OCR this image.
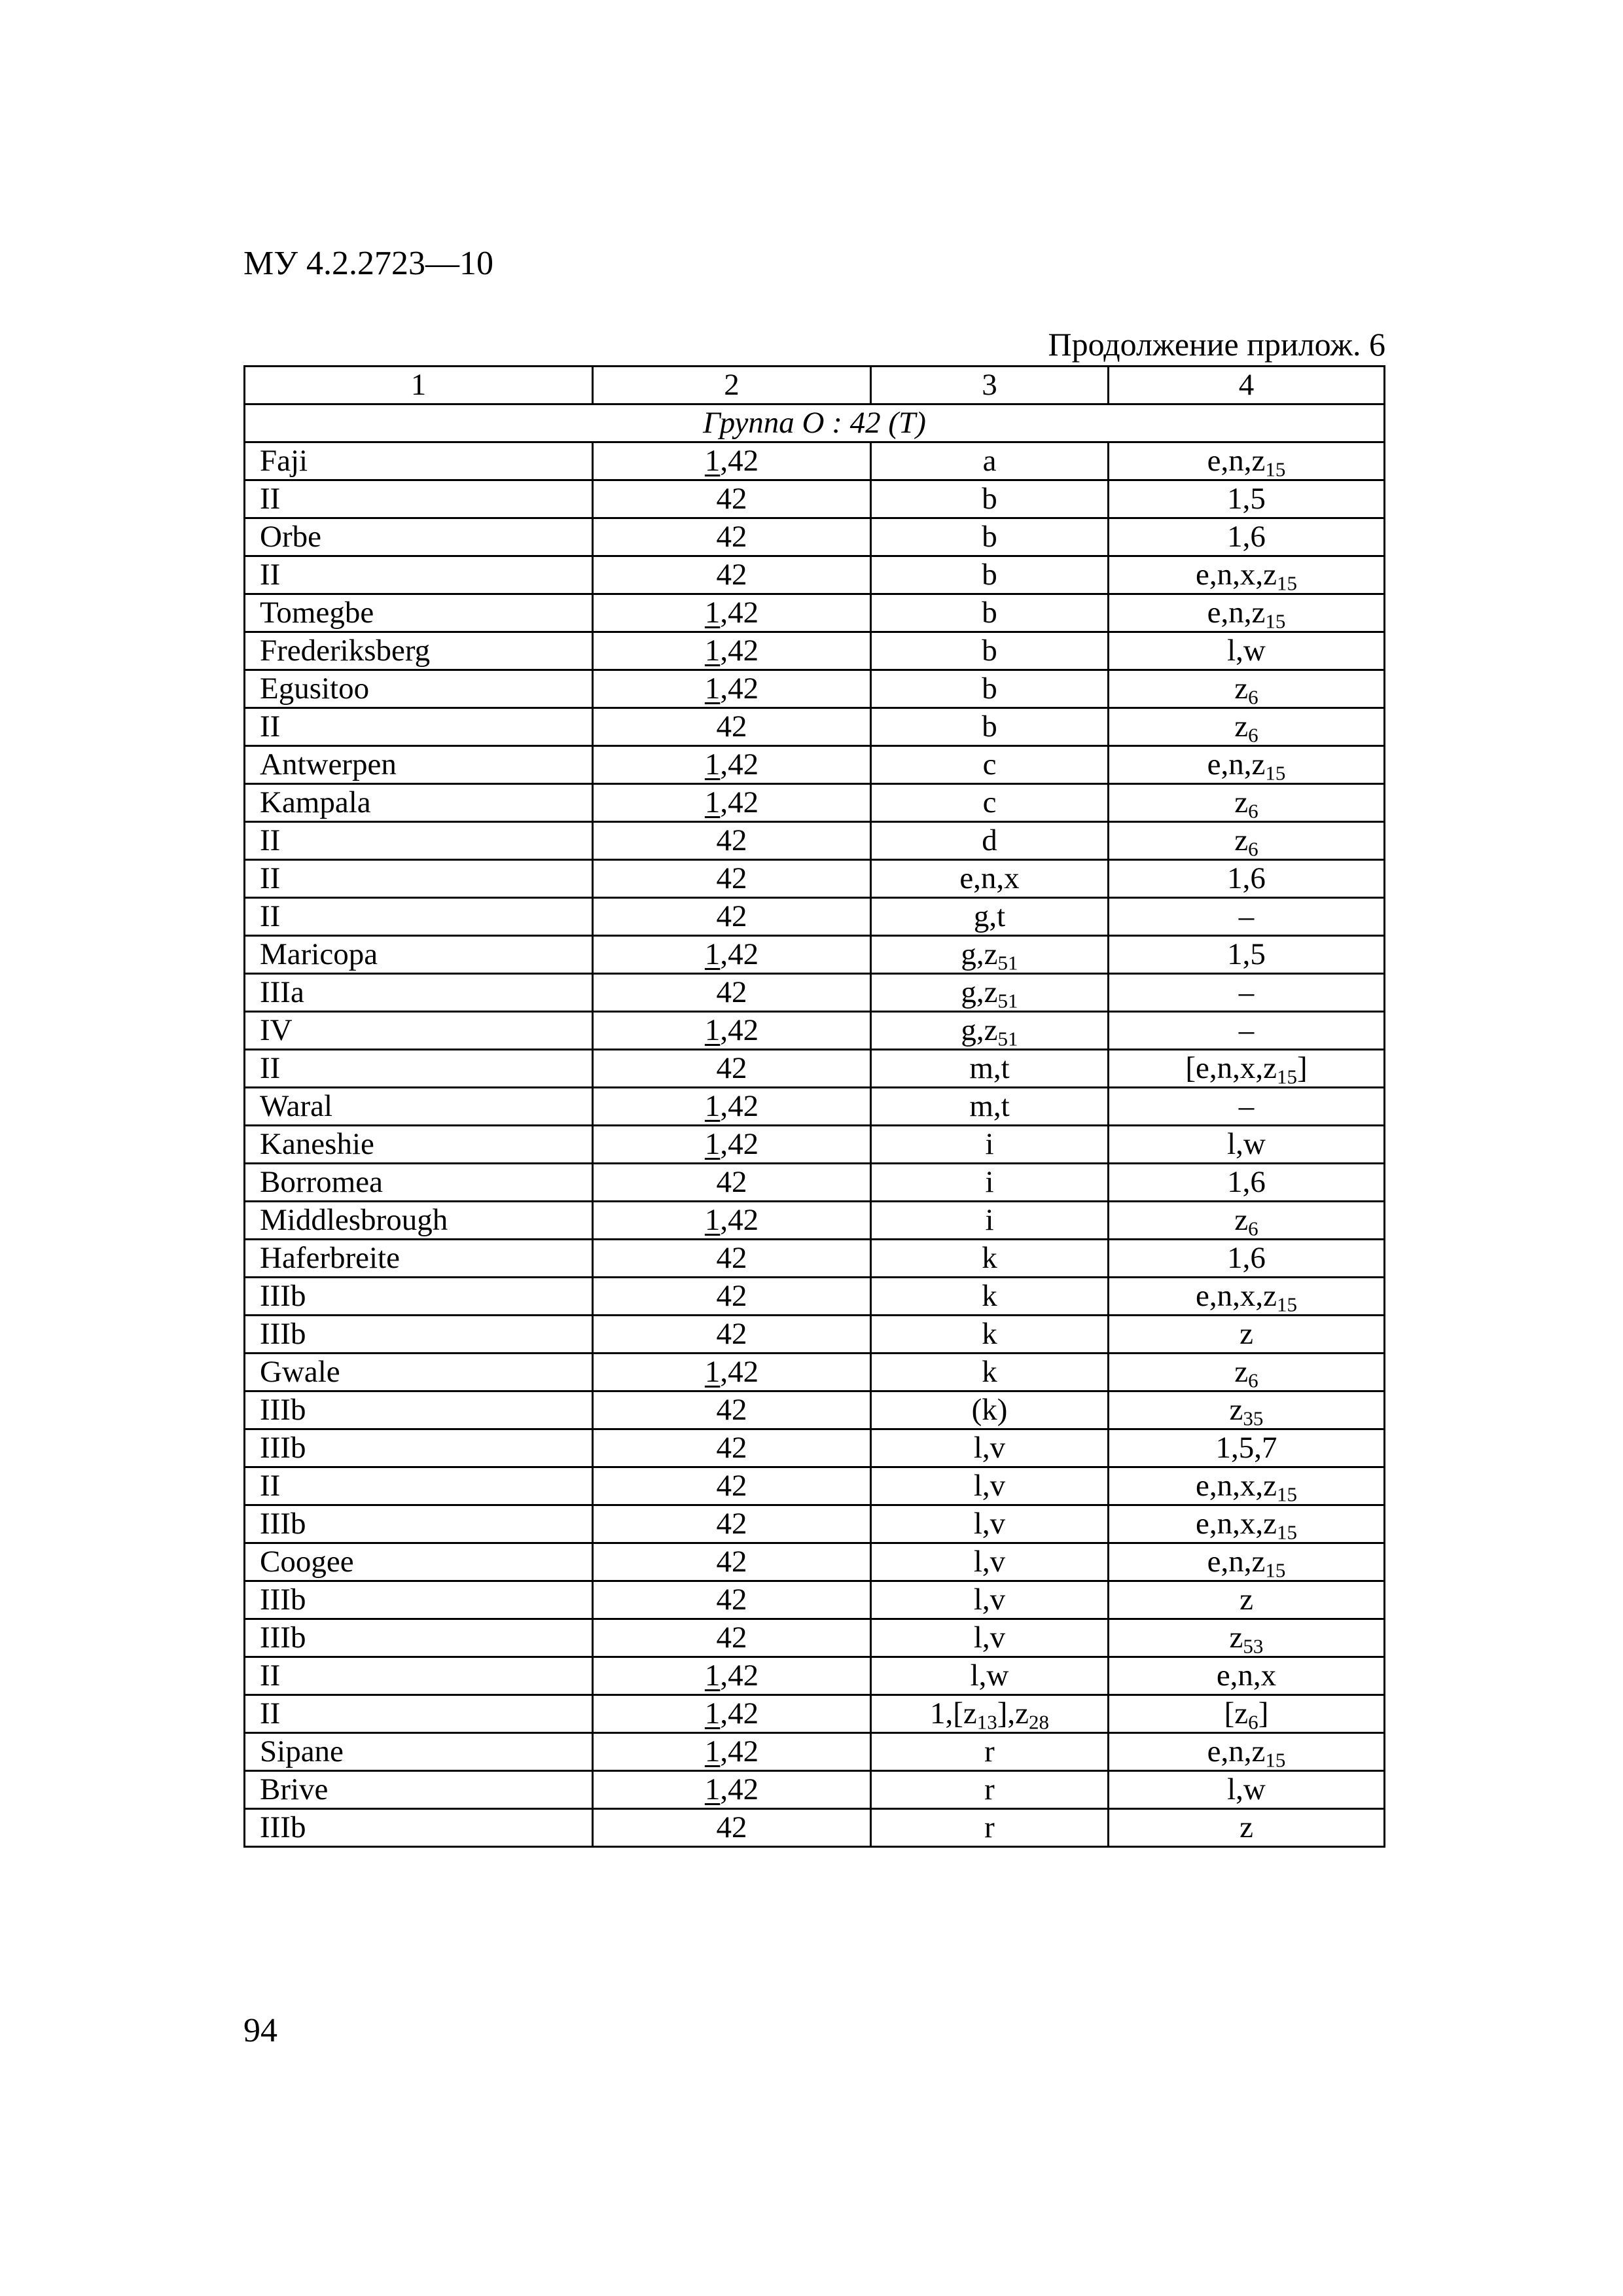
МУ 4.2.2723—10
Продолжение прилож. 6
1	2	3	4
Группа O : 42 (T)			
Faji	1,42	a	$e,n,z_{15}$
II	42	b	1,5
Orbe	42	b	1,6
II	42	b	$e,n,x,z_{15}$
Tomegbe	1,42	b	$e,n,z_{15}$
Frederiksberg	1,42	b	l,w
Egusitoo	1,42	b	$z_6$
II	42	b	$z_6$
Antwerpen	1,42	c	$e,n,z_{15}$
Kampala	1,42	c	$z_6$
II	42	d	$z_6$
II	42	e,n,x	1,6
II	42	g,t	–
Maricopa	1,42	$g,z_{51}$	1,5
IIIa	42	$g,z_{51}$	–
IV	1,42	$g,z_{51}$	–
II	42	m,t	$[e,n,x,z_{15}]$
Waral	1,42	m,t	–
Kaneshie	1,42	i	l,w
Borromea	42	i	1,6
Middlesbrough	1,42	i	$z_6$
Haferbreite	42	k	1,6
IIIb	42	k	$e,n,x,z_{15}$
IIIb	42	k	z
Gwale	1,42	k	$z_6$
IIIb	42	(k)	$z_{35}$
IIIb	42	l,v	1,5,7
II	42	l,v	$e,n,x,z_{15}$
IIIb	42	l,v	$e,n,x,z_{15}$
Coogee	42	l,v	$e,n,z_{15}$
IIIb	42	l,v	z
IIIb	42	l,v	$z_{53}$
II	1,42	l,w	e,n,x
II	1,42	$1,[z_{13}],z_{28}$	$[z_6]$
Sipane	1,42	r	$e,n,z_{15}$
Brive	1,42	r	l,w
IIIb	42	r	z
94
